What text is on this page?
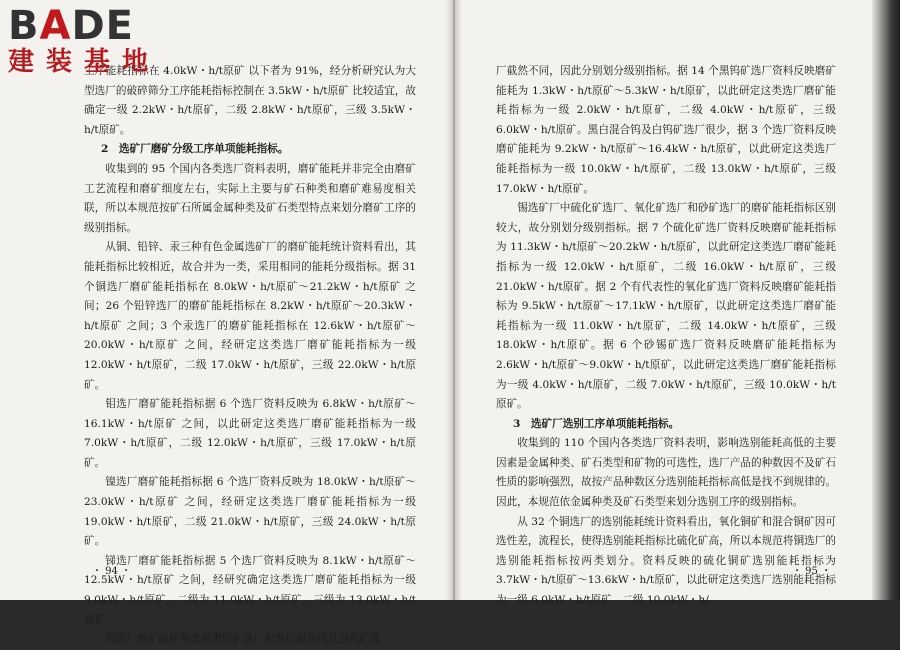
工序能耗指标在 4.0kW・h/t原矿 以下者为 91%，经分析研究认为大型选厂的破碎筛分工序能耗指标控制在 3.5kW・h/t原矿 比较适宜，故确定一级 2.2kW・h/t原矿，二级 2.8kW・h/t原矿，三级 3.5kW・h/t原矿。

2　选矿厂磨矿分级工序单项能耗指标。

收集到的 95 个国内各类选厂资料表明，磨矿能耗并非完全由磨矿工艺流程和磨矿细度左右，实际上主要与矿石种类和磨矿难易度相关联，所以本规范按矿石所属金属种类及矿石类型特点来划分磨矿工序的级别指标。

从铜、铅锌、汞三种有色金属选矿厂的磨矿能耗统计资料看出，其能耗指标比较相近，故合并为一类，采用相同的能耗分级指标。据 31 个铜选厂磨矿能耗指标在 8.0kW・h/t原矿～21.2kW・h/t原矿 之间；26 个铅锌选厂的磨矿能耗指标在 8.2kW・h/t原矿～20.3kW・h/t原矿 之间；3 个汞选厂的磨矿能耗指标在 12.6kW・h/t原矿～20.0kW・h/t原矿 之间，经研定这类选厂磨矿能耗指标为一级 12.0kW・h/t原矿，二级 17.0kW・h/t原矿，三级 22.0kW・h/t原矿。

钼选厂磨矿能耗指标据 6 个选厂资料反映为 6.8kW・h/t原矿～16.1kW・h/t原矿 之间，以此研定这类选厂磨矿能耗指标为一级 7.0kW・h/t原矿，二级 12.0kW・h/t原矿，三级 17.0kW・h/t原矿。

镍选厂磨矿能耗指标据 6 个选厂资料反映为 18.0kW・h/t原矿～23.0kW・h/t原矿 之间，经研定这类选厂磨矿能耗指标为一级 19.0kW・h/t原矿，二级 21.0kW・h/t原矿，三级 24.0kW・h/t原矿。

锑选厂磨矿能耗指标据 5 个选厂资料反映为 8.1kW・h/t原矿～12.5kW・h/t原矿 之间，经研究确定这类选厂磨矿能耗指标为一级 9.0kW・h/t原矿，二级为 11.0kW・h/t原矿，三级为 13.0kW・h/t原矿。

钨选厂磨矿能耗考虑到黑钨矿选厂和黑白混合钨及白钨矿选

・ 94 ・

厂截然不同，因此分别划分级别指标。据 14 个黑钨矿选厂资料反映磨矿能耗为 1.3kW・h/t原矿～5.3kW・h/t原矿，以此研定这类选厂磨矿能耗指标为一级 2.0kW・h/t原矿，二级 4.0kW・h/t原矿，三级 6.0kW・h/t原矿。黑白混合钨及白钨矿选厂很少，据 3 个选厂资料反映磨矿能耗为 9.2kW・h/t原矿～16.4kW・h/t原矿，以此研定这类选厂能耗指标为一级 10.0kW・h/t原矿，二级 13.0kW・h/t原矿，三级 17.0kW・h/t原矿。

锡选矿厂中硫化矿选厂、氧化矿选厂和砂矿选厂的磨矿能耗指标区别较大，故分别划分级别指标。据 7 个硫化矿选厂资料反映磨矿能耗指标为 11.3kW・h/t原矿～20.2kW・h/t原矿，以此研定这类选厂磨矿能耗指标为一级 12.0kW・h/t原矿，二级 16.0kW・h/t原矿，三级 21.0kW・h/t原矿。据 2 个有代表性的氧化矿选厂资料反映磨矿能耗指标为 9.5kW・h/t原矿～17.1kW・h/t原矿，以此研定这类选厂磨矿能耗指标为一级 11.0kW・h/t原矿，二级 14.0kW・h/t原矿，三级 18.0kW・h/t原矿。据 6 个砂锡矿选厂资料反映磨矿能耗指标为 2.6kW・h/t原矿～9.0kW・h/t原矿，以此研定这类选厂磨矿能耗指标为一级 4.0kW・h/t原矿，二级 7.0kW・h/t原矿，三级 10.0kW・h/t原矿。

3　选矿厂选别工序单项能耗指标。

收集到的 110 个国内各类选厂资料表明，影响选别能耗高低的主要因素是金属种类、矿石类型和矿物的可选性，选厂产品的种数因不及矿石性质的影响强烈，故按产品种数区分选别能耗指标高低是找不到规律的。因此，本规范依金属种类及矿石类型来划分选别工序的级别指标。

从 32 个铜选厂的选别能耗统计资料看出，氧化铜矿和混合铜矿因可选性差，流程长，使得选别能耗指标比硫化矿高，所以本规范将铜选厂的选别能耗指标按两类划分。资料反映的硫化铜矿选别能耗指标为 3.7kW・h/t原矿～13.6kW・h/t原矿，以此研定这类选厂选别能耗指标为一级 6.0kW・h/t原矿，二级 10.0kW・h/

・ 95 ・
BADE
建装基地
